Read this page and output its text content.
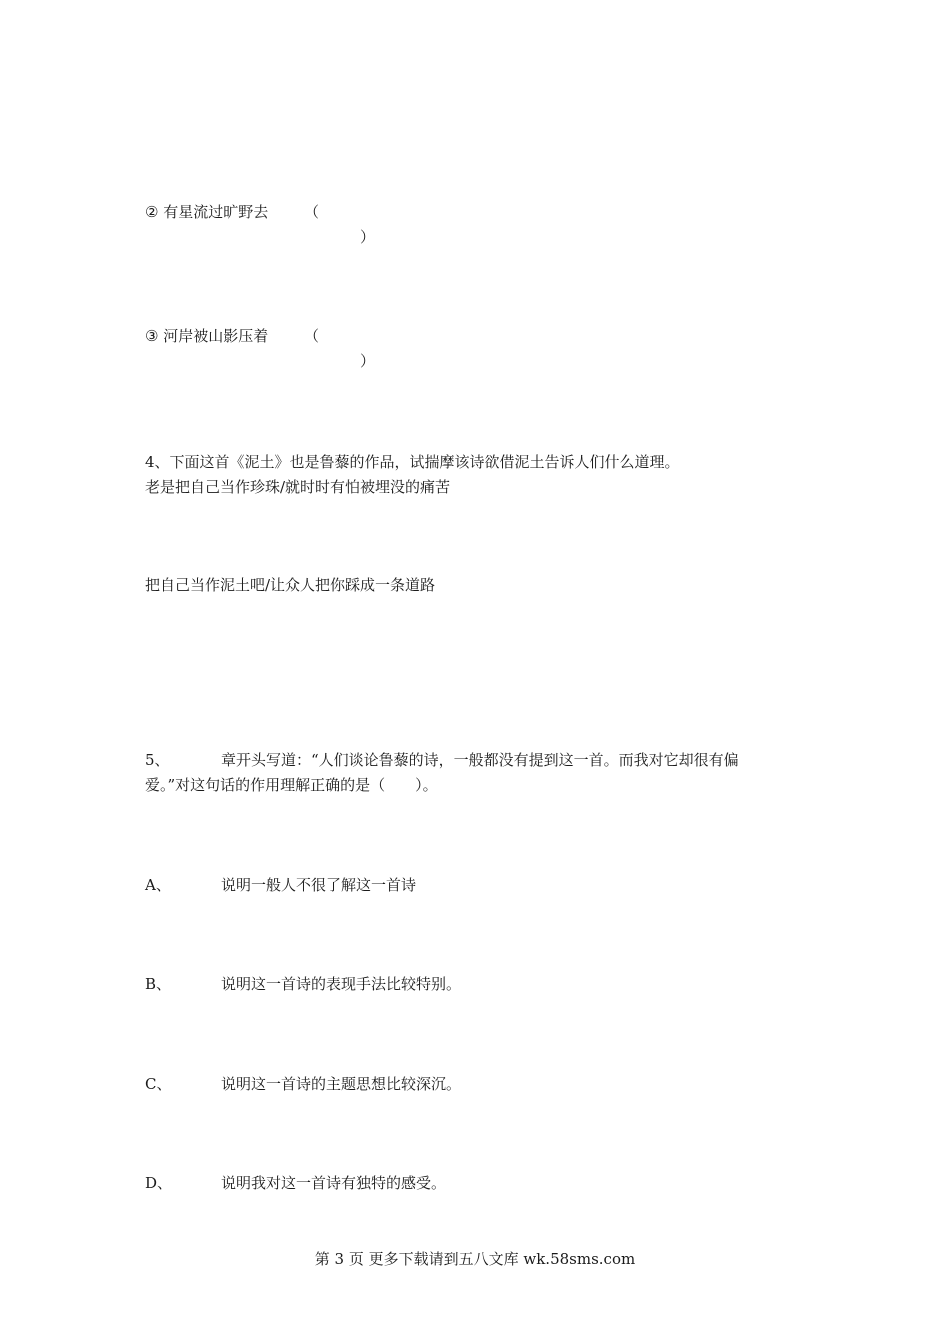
② 有星流过旷野去 （
）
③ 河岸被山影压着 （
）
4、下面这首《泥土》也是鲁藜的作品，试揣摩该诗欲借泥土告诉人们什么道理。
老是把自己当作珍珠/就时时有怕被埋没的痛苦
把自己当作泥土吧/让众人把你踩成一条道路
5、	章开头写道：“人们谈论鲁藜的诗，一般都没有提到这一首。而我对它却很有偏
爱。”对这句话的作用理解正确的是（　　）。
A、	说明一般人不很了解这一首诗
B、	说明这一首诗的表现手法比较特别。
C、	说明这一首诗的主题思想比较深沉。
D、	说明我对这一首诗有独特的感受。
第 3 页 更多下载请到五八文库 wk.58sms.com
